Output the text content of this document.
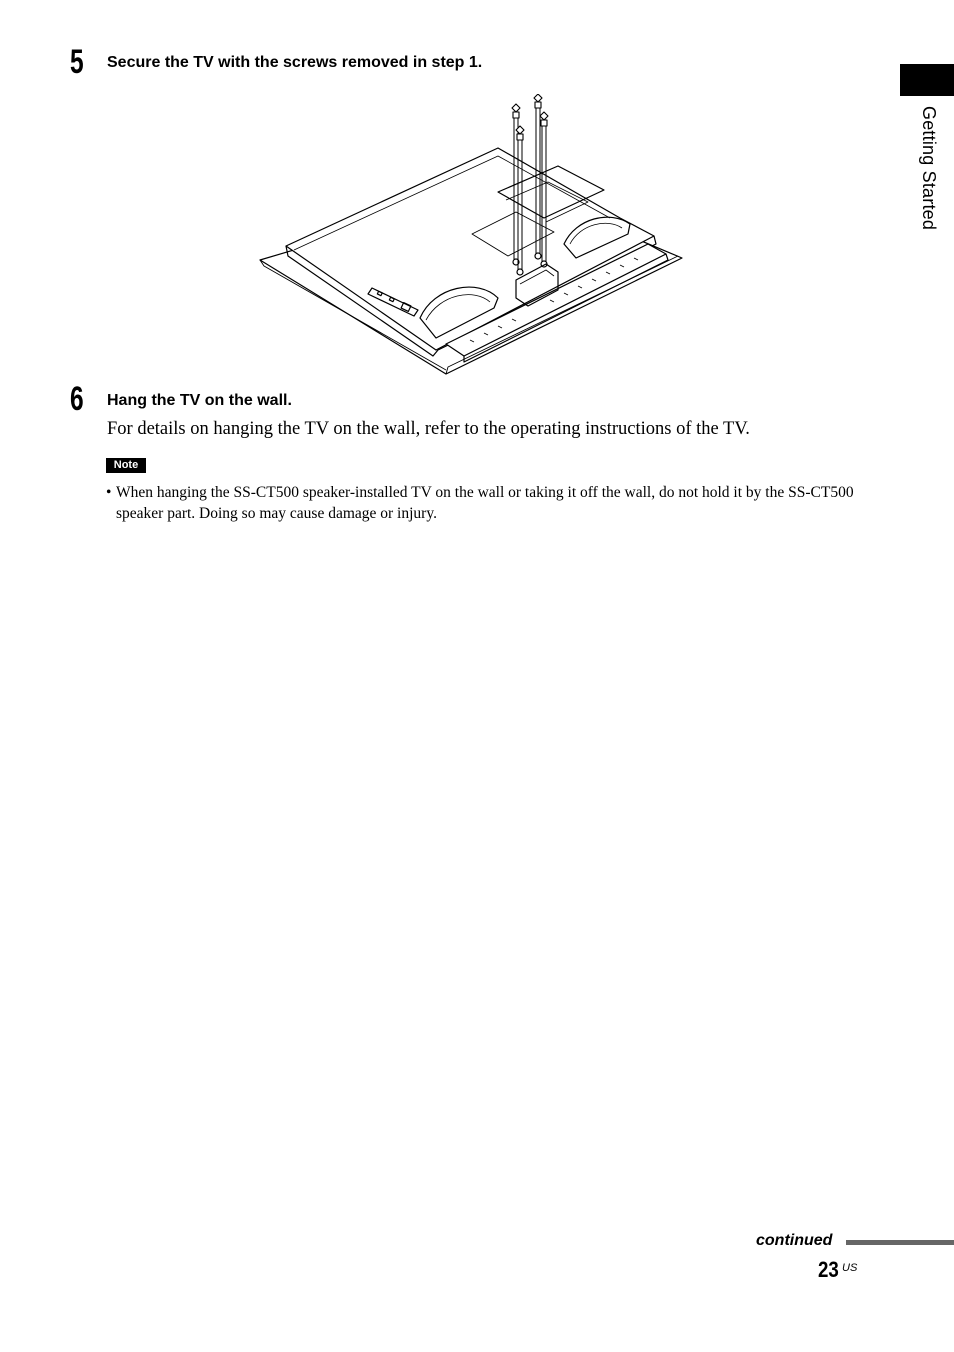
Getting Started
5 Secure the TV with the screws removed in step 1.
6 Hang the TV on the wall.
For details on hanging the TV on the wall, refer to the operating instructions of the TV.
Note
• When hanging the SS-CT500 speaker-installed TV on the wall or taking it off the wall, do not hold it by the SS-CT500 speaker part. Doing so may cause damage or injury.
continued
23 US
